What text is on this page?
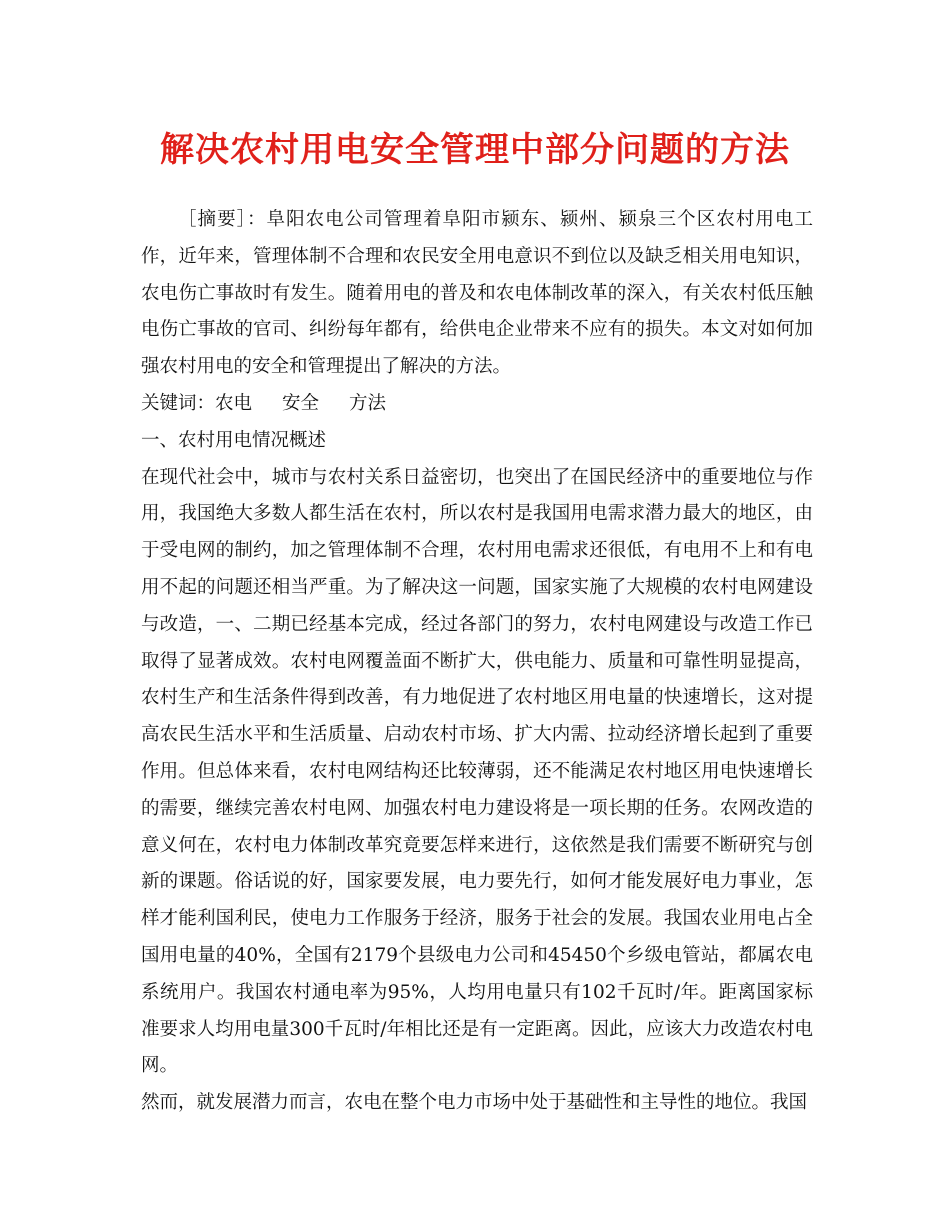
解决农村用电安全管理中部分问题的方法

［摘要］：阜阳农电公司管理着阜阳市颍东、颍州、颍泉三个区农村用电工作，近年来，管理体制不合理和农民安全用电意识不到位以及缺乏相关用电知识，农电伤亡事故时有发生。随着用电的普及和农电体制改革的深入，有关农村低压触电伤亡事故的官司、纠纷每年都有，给供电企业带来不应有的损失。本文对如何加强农村用电的安全和管理提出了解决的方法。

关键词：农电 安全 方法

一、农村用电情况概述

在现代社会中，城市与农村关系日益密切，也突出了在国民经济中的重要地位与作用，我国绝大多数人都生活在农村，所以农村是我国用电需求潜力最大的地区，由于受电网的制约，加之管理体制不合理，农村用电需求还很低，有电用不上和有电用不起的问题还相当严重。为了解决这一问题，国家实施了大规模的农村电网建设与改造，一、二期已经基本完成，经过各部门的努力，农村电网建设与改造工作已取得了显著成效。农村电网覆盖面不断扩大，供电能力、质量和可靠性明显提高，农村生产和生活条件得到改善，有力地促进了农村地区用电量的快速增长，这对提高农民生活水平和生活质量、启动农村市场、扩大内需、拉动经济增长起到了重要作用。但总体来看，农村电网结构还比较薄弱，还不能满足农村地区用电快速增长的需要，继续完善农村电网、加强农村电力建设将是一项长期的任务。农网改造的意义何在，农村电力体制改革究竟要怎样来进行，这依然是我们需要不断研究与创新的课题。俗话说的好，国家要发展，电力要先行，如何才能发展好电力事业，怎样才能利国利民，使电力工作服务于经济，服务于社会的发展。我国农业用电占全国用电量的40%，全国有2179个县级电力公司和45450个乡级电管站，都属农电系统用户。我国农村通电率为95%，人均用电量只有102千瓦时/年。距离国家标准要求人均用电量300千瓦时/年相比还是有一定距离。因此，应该大力改造农村电网。

然而，就发展潜力而言，农电在整个电力市场中处于基础性和主导性的地位。我国
